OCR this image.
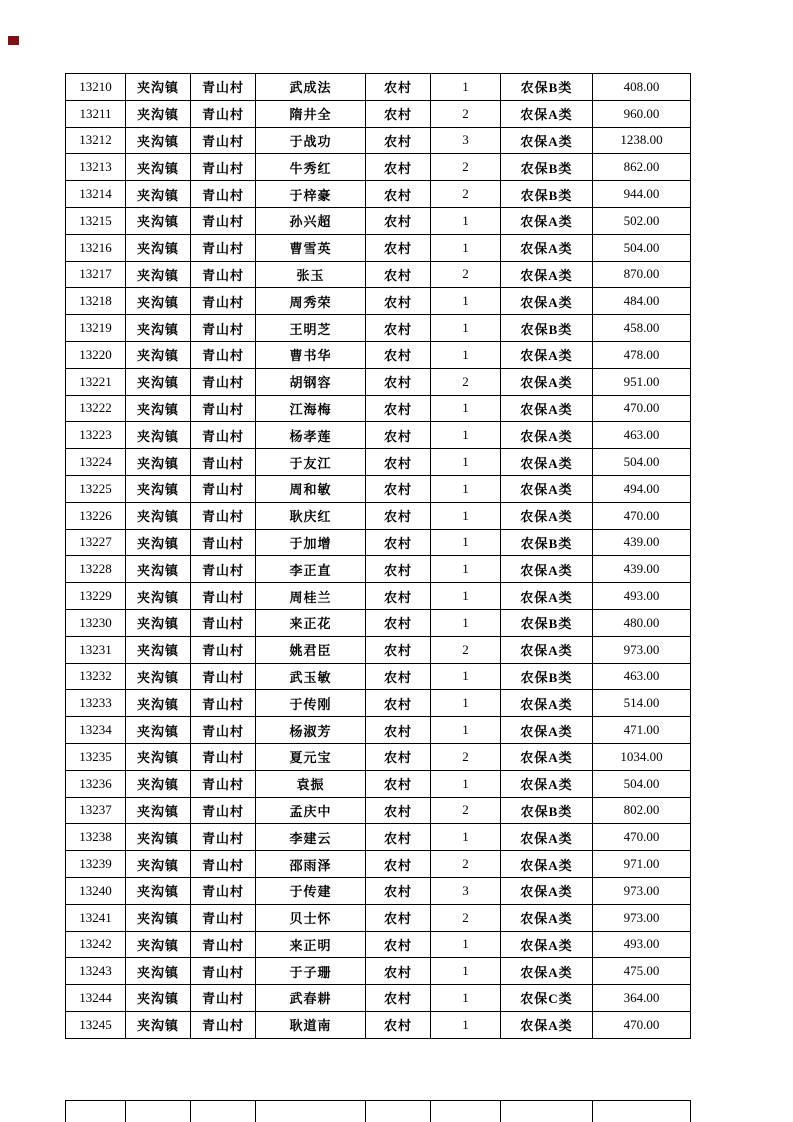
13210	夹沟镇	青山村	武成法	农村	1	农保B类	408.00
13211	夹沟镇	青山村	隋井全	农村	2	农保A类	960.00
13212	夹沟镇	青山村	于战功	农村	3	农保A类	1238.00
13213	夹沟镇	青山村	牛秀红	农村	2	农保B类	862.00
13214	夹沟镇	青山村	于梓豪	农村	2	农保B类	944.00
13215	夹沟镇	青山村	孙兴超	农村	1	农保A类	502.00
13216	夹沟镇	青山村	曹雪英	农村	1	农保A类	504.00
13217	夹沟镇	青山村	张玉	农村	2	农保A类	870.00
13218	夹沟镇	青山村	周秀荣	农村	1	农保A类	484.00
13219	夹沟镇	青山村	王明芝	农村	1	农保B类	458.00
13220	夹沟镇	青山村	曹书华	农村	1	农保A类	478.00
13221	夹沟镇	青山村	胡钢容	农村	2	农保A类	951.00
13222	夹沟镇	青山村	江海梅	农村	1	农保A类	470.00
13223	夹沟镇	青山村	杨孝莲	农村	1	农保A类	463.00
13224	夹沟镇	青山村	于友江	农村	1	农保A类	504.00
13225	夹沟镇	青山村	周和敏	农村	1	农保A类	494.00
13226	夹沟镇	青山村	耿庆红	农村	1	农保A类	470.00
13227	夹沟镇	青山村	于加增	农村	1	农保B类	439.00
13228	夹沟镇	青山村	李正直	农村	1	农保A类	439.00
13229	夹沟镇	青山村	周桂兰	农村	1	农保A类	493.00
13230	夹沟镇	青山村	来正花	农村	1	农保B类	480.00
13231	夹沟镇	青山村	姚君臣	农村	2	农保A类	973.00
13232	夹沟镇	青山村	武玉敏	农村	1	农保B类	463.00
13233	夹沟镇	青山村	于传刚	农村	1	农保A类	514.00
13234	夹沟镇	青山村	杨淑芳	农村	1	农保A类	471.00
13235	夹沟镇	青山村	夏元宝	农村	2	农保A类	1034.00
13236	夹沟镇	青山村	袁振	农村	1	农保A类	504.00
13237	夹沟镇	青山村	孟庆中	农村	2	农保B类	802.00
13238	夹沟镇	青山村	李建云	农村	1	农保A类	470.00
13239	夹沟镇	青山村	邵雨泽	农村	2	农保A类	971.00
13240	夹沟镇	青山村	于传建	农村	3	农保A类	973.00
13241	夹沟镇	青山村	贝士怀	农村	2	农保A类	973.00
13242	夹沟镇	青山村	来正明	农村	1	农保A类	493.00
13243	夹沟镇	青山村	于子珊	农村	1	农保A类	475.00
13244	夹沟镇	青山村	武春耕	农村	1	农保C类	364.00
13245	夹沟镇	青山村	耿道南	农村	1	农保A类	470.00
